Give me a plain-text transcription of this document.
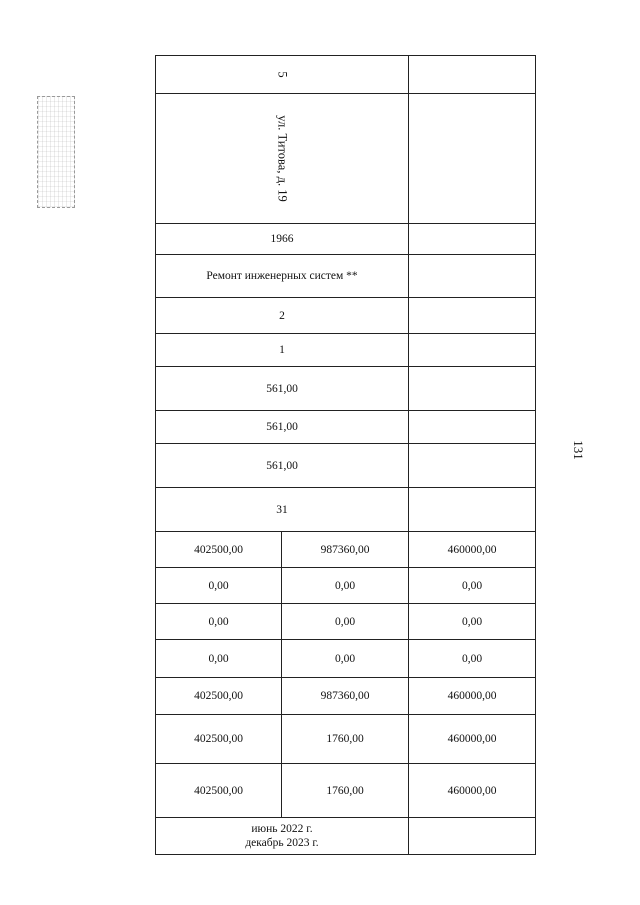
131
5		
ул. Титова, д. 19		
1966		
Ремонт инженерных систем **		
2		
1		
561,00		
561,00		
561,00		
31		
402500,00	987360,00	460000,00
0,00	0,00	0,00
0,00	0,00	0,00
0,00	0,00	0,00
402500,00	987360,00	460000,00
402500,00	1760,00	460000,00
402500,00	1760,00	460000,00

июнь 2022 г.
декабрь 2023 г.		
